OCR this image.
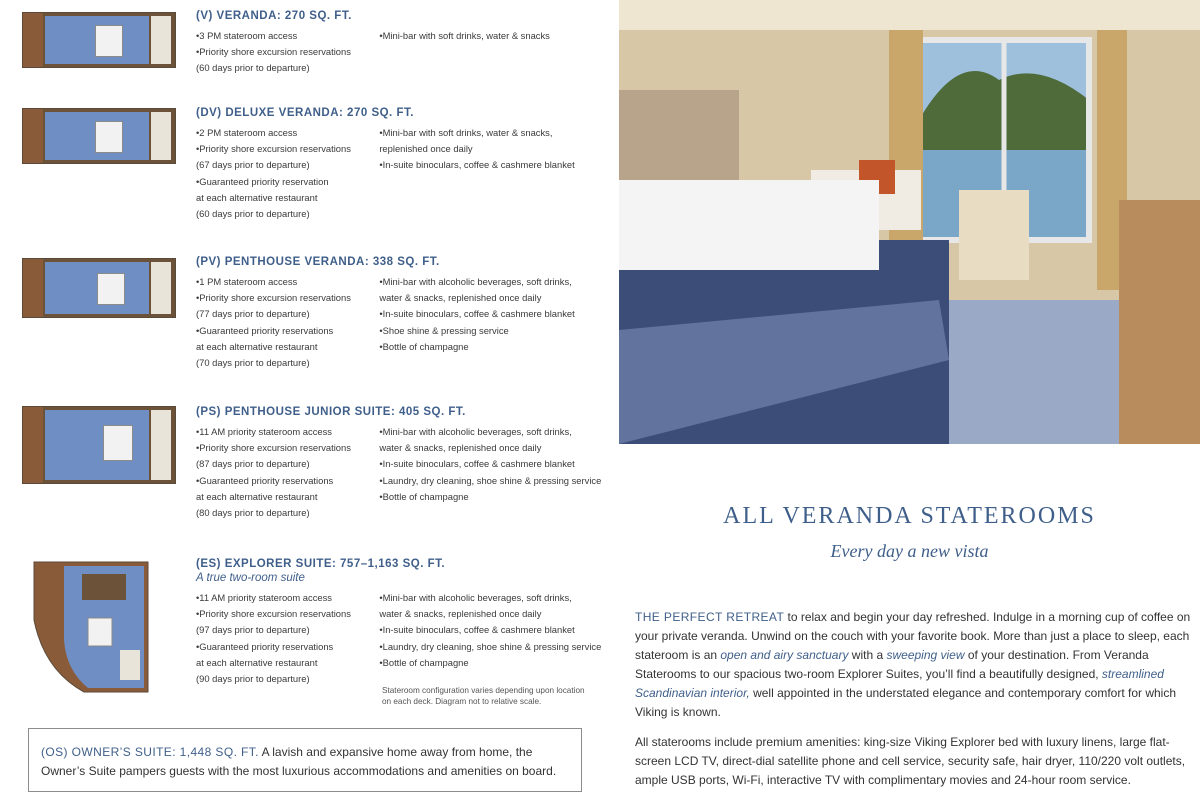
(V) VERANDA: 270 SQ. FT.

• 3 PM stateroom access

• Priority shore excursion reservations

(60 days prior to departure)

• Mini-bar with soft drinks, water & snacks

(DV) DELUXE VERANDA: 270 SQ. FT.

• 2 PM stateroom access

• Priority shore excursion reservations

(67 days prior to departure)

• Guaranteed priority reservation

at each alternative restaurant

(60 days prior to departure)

• Mini-bar with soft drinks, water & snacks,

replenished once daily

• In-suite binoculars, coffee & cashmere blanket

(PV) PENTHOUSE VERANDA: 338 SQ. FT.

• 1 PM stateroom access

• Priority shore excursion reservations

(77 days prior to departure)

• Guaranteed priority reservations

at each alternative restaurant

(70 days prior to departure)

• Mini-bar with alcoholic beverages, soft drinks,

water & snacks, replenished once daily

• In-suite binoculars, coffee & cashmere blanket

• Shoe shine & pressing service

• Bottle of champagne

(PS) PENTHOUSE JUNIOR SUITE: 405 SQ. FT.

• 11 AM priority stateroom access

• Priority shore excursion reservations

(87 days prior to departure)

• Guaranteed priority reservations

at each alternative restaurant

(80 days prior to departure)

• Mini-bar with alcoholic beverages, soft drinks,

water & snacks, replenished once daily

• In-suite binoculars, coffee & cashmere blanket

• Laundry, dry cleaning, shoe shine & pressing service

• Bottle of champagne

(ES) EXPLORER SUITE: 757–1,163 SQ. FT.
A true two-room suite

• 11 AM priority stateroom access

• Priority shore excursion reservations

(97 days prior to departure)

• Guaranteed priority reservations

at each alternative restaurant

(90 days prior to departure)

• Mini-bar with alcoholic beverages, soft drinks,

water & snacks, replenished once daily

• In-suite binoculars, coffee & cashmere blanket

• Laundry, dry cleaning, shoe shine & pressing service

• Bottle of champagne

Stateroom configuration varies depending upon location on each deck. Diagram not to relative scale.
(OS) OWNER’S SUITE: 1,448 SQ. FT. A lavish and expansive home away from home, the Owner’s Suite pampers guests with the most luxurious accommodations and amenities on board.
ALL VERANDA STATEROOMS
Every day a new vista

THE PERFECT RETREAT to relax and begin your day refreshed. Indulge in a morning cup of coffee on your private veranda. Unwind on the couch with your favorite book. More than just a place to sleep, each stateroom is an open and airy sanctuary with a sweeping view of your destination. From Veranda Staterooms to our spacious two-room Explorer Suites, you’ll find a beautifully designed, streamlined Scandinavian interior, well appointed in the understated elegance and contemporary comfort for which Viking is known.

All staterooms include premium amenities: king-size Viking Explorer bed with luxury linens, large flat-screen LCD TV, direct-dial satellite phone and cell service, security safe, hair dryer, 110/220 volt outlets, ample USB ports, Wi-Fi, interactive TV with complimentary movies and 24-hour room service.
